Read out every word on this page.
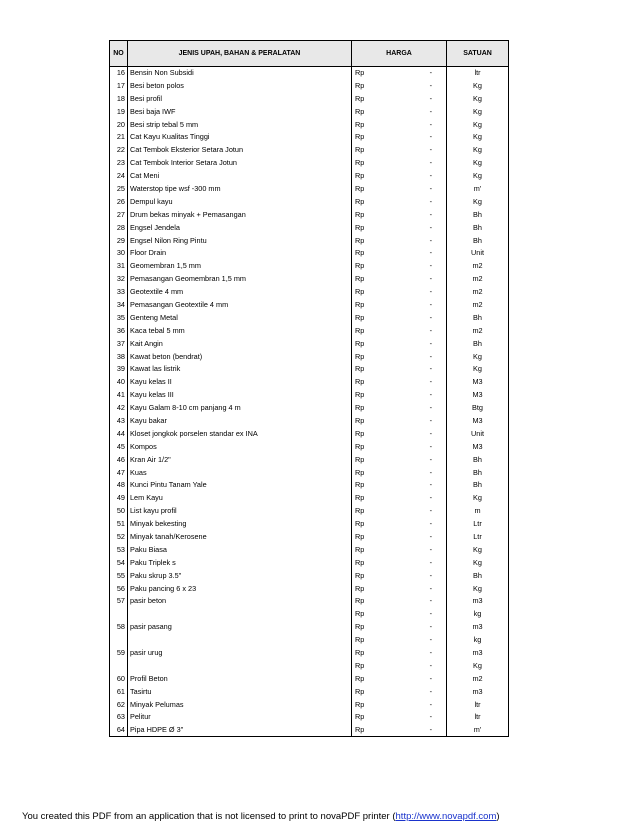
NO	JENIS UPAH, BAHAN & PERALATAN	HARGA		SATUAN
16	Bensin Non Subsidi	Rp	-	ltr
17	Besi beton polos	Rp	-	Kg
18	Besi profil	Rp	-	Kg
19	Besi baja IWF	Rp	-	Kg
20	Besi strip tebal 5 mm	Rp	-	Kg
21	Cat Kayu Kualitas Tinggi	Rp	-	Kg
22	Cat Tembok Eksterior Setara Jotun	Rp	-	Kg
23	Cat Tembok Interior Setara Jotun	Rp	-	Kg
24	Cat Meni	Rp	-	Kg
25	Waterstop tipe wsf -300 mm	Rp	-	m'
26	Dempul kayu	Rp	-	Kg
27	Drum bekas minyak + Pemasangan	Rp	-	Bh
28	Engsel Jendela	Rp	-	Bh
29	Engsel Nilon Ring Pintu	Rp	-	Bh
30	Floor Drain	Rp	-	Unit
31	Geomembran 1,5 mm	Rp	-	m2
32	Pemasangan Geomembran 1,5 mm	Rp	-	m2
33	Geotextile 4 mm	Rp	-	m2
34	Pemasangan Geotextile 4 mm	Rp	-	m2
35	Genteng Metal	Rp	-	Bh
36	Kaca tebal 5 mm	Rp	-	m2
37	Kait Angin	Rp	-	Bh
38	Kawat beton (bendrat)	Rp	-	Kg
39	Kawat las listrik	Rp	-	Kg
40	Kayu kelas II	Rp	-	M3
41	Kayu kelas III	Rp	-	M3
42	Kayu Galam 8-10 cm panjang 4 m	Rp	-	Btg
43	Kayu bakar	Rp	-	M3
44	Kloset jongkok porselen standar ex INA	Rp	-	Unit
45	Kompos	Rp	-	M3
46	Kran Air 1/2"	Rp	-	Bh
47	Kuas	Rp	-	Bh
48	Kunci Pintu Tanam Yale	Rp	-	Bh
49	Lem Kayu	Rp	-	Kg
50	List kayu profil	Rp	-	m
51	Minyak bekesting	Rp	-	Ltr
52	Minyak tanah/Kerosene	Rp	-	Ltr
53	Paku Biasa	Rp	-	Kg
54	Paku Triplek s	Rp	-	Kg
55	Paku skrup 3.5"	Rp	-	Bh
56	Paku pancing 6 x 23	Rp	-	Kg
57	pasir beton	Rp	-	m3
		Rp	-	kg
58	pasir pasang	Rp	-	m3
		Rp	-	kg
59	pasir urug	Rp	-	m3
		Rp	-	Kg
60	Profil Beton	Rp	-	m2
61	Tasirtu	Rp	-	m3
62	Minyak Pelumas	Rp	-	ltr
63	Pelitur	Rp	-	ltr
64	Pipa HDPE Ø 3"	Rp	-	m'
You created this PDF from an application that is not licensed to print to novaPDF printer (http://www.novapdf.com)
